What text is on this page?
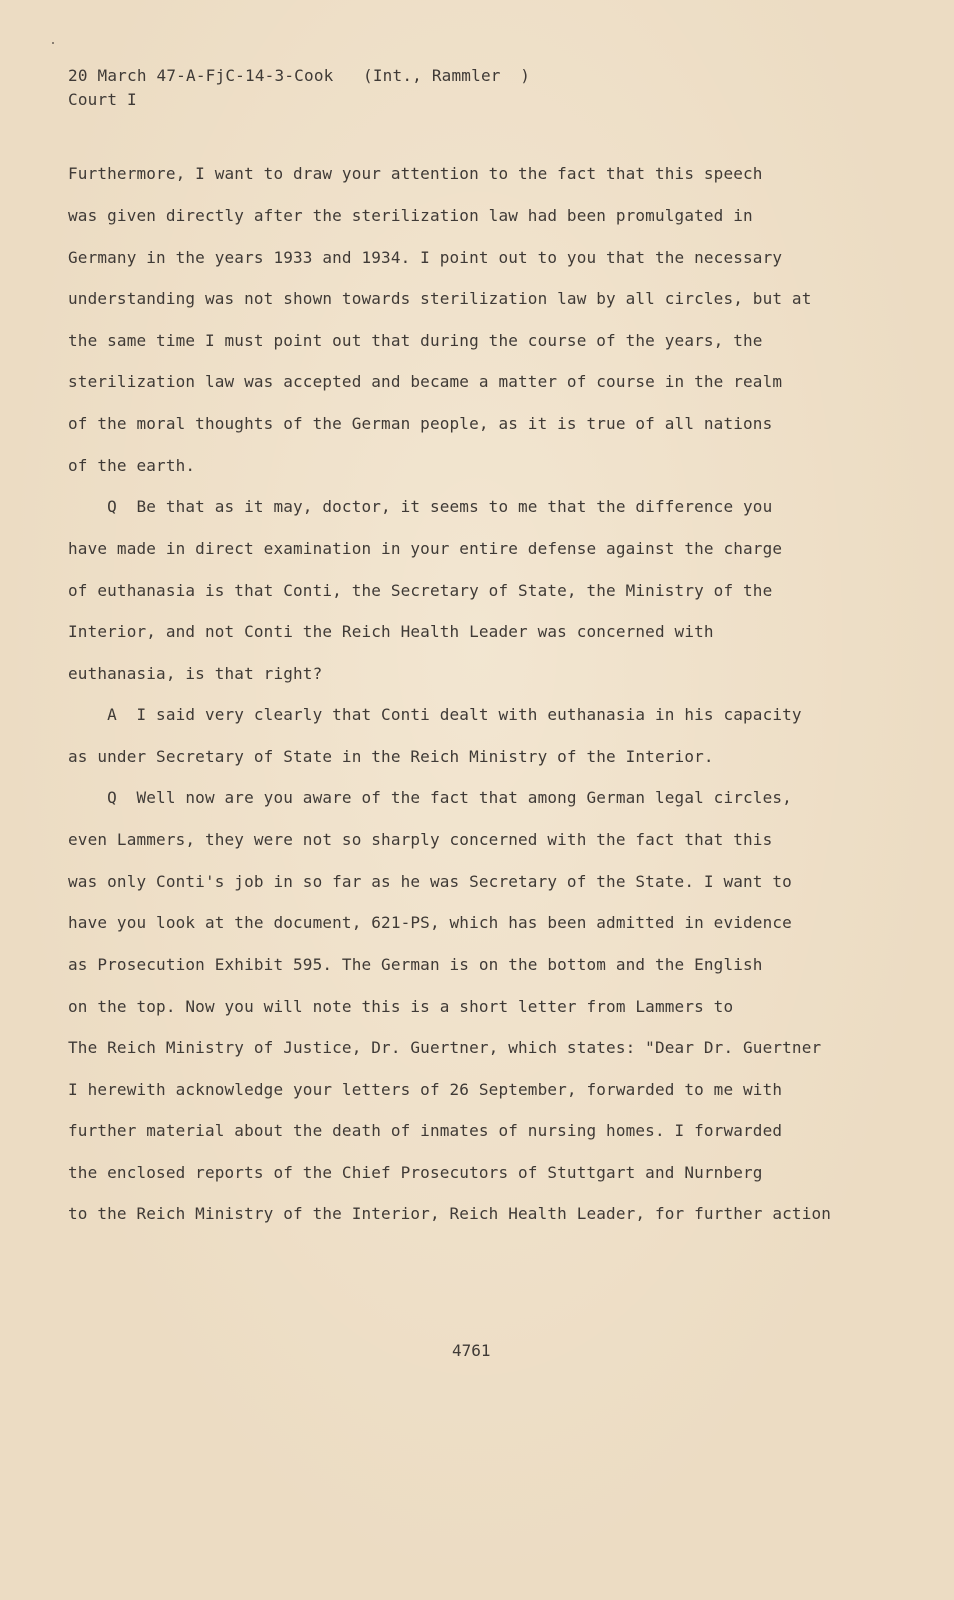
20 March 47-A-FjC-14-3-Cook   (Int., Rammler  )
Court I
Furthermore, I want to draw your attention to the fact that this speech
was given directly after the sterilization law had been promulgated in
Germany in the years 1933 and 1934. I point out to you that the necessary
understanding was not shown towards sterilization law by all circles, but at
the same time I must point out that during the course of the years, the
sterilization law was accepted and became a matter of course in the realm
of the moral thoughts of the German people, as it is true of all nations
of the earth.
Q  Be that as it may, doctor, it seems to me that the difference you
have made in direct examination in your entire defense against the charge
of euthanasia is that Conti, the Secretary of State, the Ministry of the
Interior, and not Conti the Reich Health Leader was concerned with
euthanasia, is that right?
A  I said very clearly that Conti dealt with euthanasia in his capacity
as under Secretary of State in the Reich Ministry of the Interior.
Q  Well now are you aware of the fact that among German legal circles,
even Lammers, they were not so sharply concerned with the fact that this
was only Conti's job in so far as he was Secretary of the State. I want to
have you look at the document, 621-PS, which has been admitted in evidence
as Prosecution Exhibit 595. The German is on the bottom and the English
on the top. Now you will note this is a short letter from Lammers to
The Reich Ministry of Justice, Dr. Guertner, which states: "Dear Dr. Guertner
I herewith acknowledge your letters of 26 September, forwarded to me with
further material about the death of inmates of nursing homes. I forwarded
the enclosed reports of the Chief Prosecutors of Stuttgart and Nurnberg
to the Reich Ministry of the Interior, Reich Health Leader, for further action
4761
